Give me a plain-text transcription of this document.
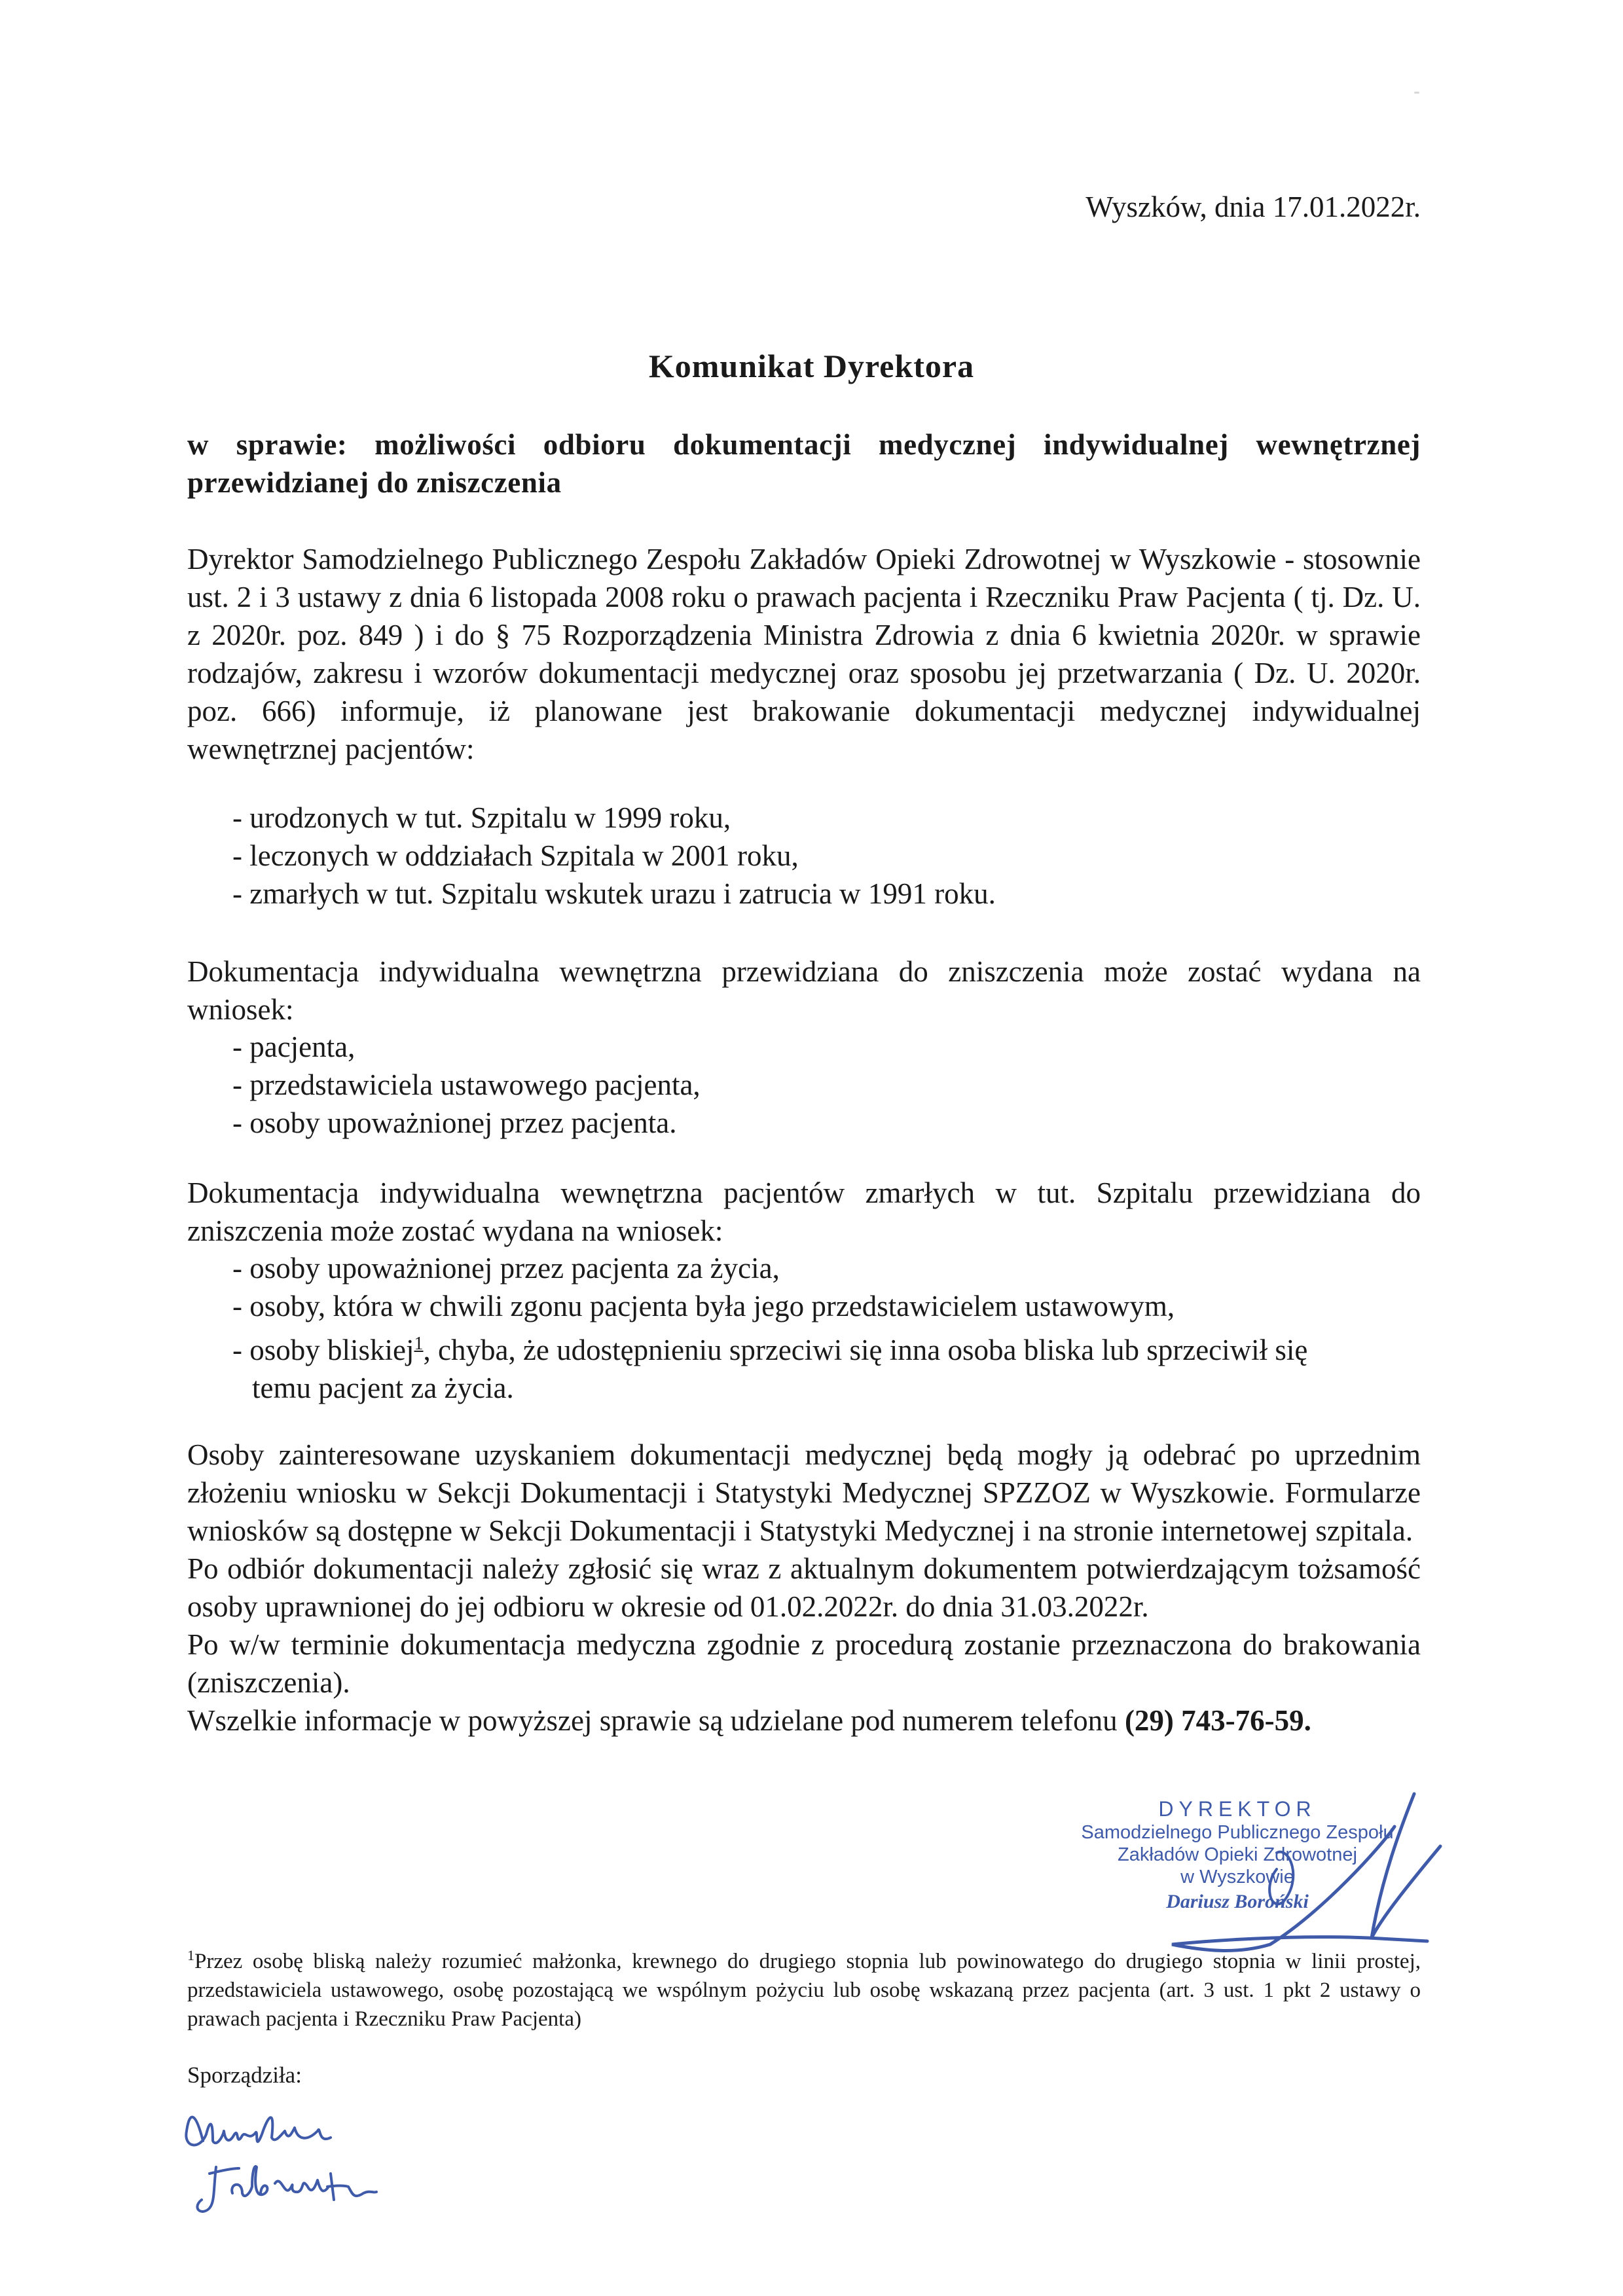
Wyszków, dnia 17.01.2022r.
Komunikat Dyrektora
w sprawie: możliwości odbioru dokumentacji medycznej indywidualnej wewnętrznej przewidzianej do zniszczenia
Dyrektor Samodzielnego Publicznego Zespołu Zakładów Opieki Zdrowotnej w Wyszkowie - stosownie ust. 2 i 3 ustawy z dnia 6 listopada 2008 roku o prawach pacjenta i Rzeczniku Praw Pacjenta ( tj. Dz. U. z 2020r. poz. 849 ) i do § 75 Rozporządzenia Ministra Zdrowia z dnia 6 kwietnia 2020r. w sprawie rodzajów, zakresu i wzorów dokumentacji medycznej oraz sposobu jej przetwarzania ( Dz. U. 2020r. poz. 666) informuje, iż planowane jest brakowanie dokumentacji medycznej indywidualnej wewnętrznej pacjentów:
- urodzonych w tut. Szpitalu w 1999 roku,
- leczonych w oddziałach Szpitala w 2001 roku,
- zmarłych w tut. Szpitalu wskutek urazu i zatrucia w 1991 roku.
Dokumentacja indywidualna wewnętrzna przewidziana do zniszczenia może zostać wydana na wniosek:
- pacjenta,
- przedstawiciela ustawowego pacjenta,
- osoby upoważnionej przez pacjenta.
Dokumentacja indywidualna wewnętrzna pacjentów zmarłych w tut. Szpitalu przewidziana do zniszczenia może zostać wydana na wniosek:
- osoby upoważnionej przez pacjenta za życia,
- osoby, która w chwili zgonu pacjenta była jego przedstawicielem ustawowym,
- osoby bliskiej$^1$, chyba, że udostępnieniu sprzeciwi się inna osoba bliska lub sprzeciwił się
temu pacjent za życia.
Osoby zainteresowane uzyskaniem dokumentacji medycznej będą mogły ją odebrać po uprzednim złożeniu wniosku w Sekcji Dokumentacji i Statystyki Medycznej SPZZOZ w Wyszkowie. Formularze wniosków są dostępne w Sekcji Dokumentacji i Statystyki Medycznej i na stronie internetowej szpitala.
Po odbiór dokumentacji należy zgłosić się wraz z aktualnym dokumentem potwierdzającym tożsamość osoby uprawnionej do jej odbioru w okresie od 01.02.2022r. do dnia 31.03.2022r.
Po w/w terminie dokumentacja medyczna zgodnie z procedurą zostanie przeznaczona do brakowania (zniszczenia).
Wszelkie informacje w powyższej sprawie są udzielane pod numerem telefonu (29) 743-76-59.
DYREKTOR
Samodzielnego Publicznego Zespołu
Zakładów Opieki Zdrowotnej
w Wyszkowie
Dariusz Boroński
$^1$Przez osobę bliską należy rozumieć małżonka, krewnego do drugiego stopnia lub powinowatego do drugiego stopnia w linii prostej, przedstawiciela ustawowego, osobę pozostającą we wspólnym pożyciu lub osobę wskazaną przez pacjenta (art. 3 ust. 1 pkt 2 ustawy o prawach pacjenta i Rzeczniku Praw Pacjenta)
Sporządziła:
